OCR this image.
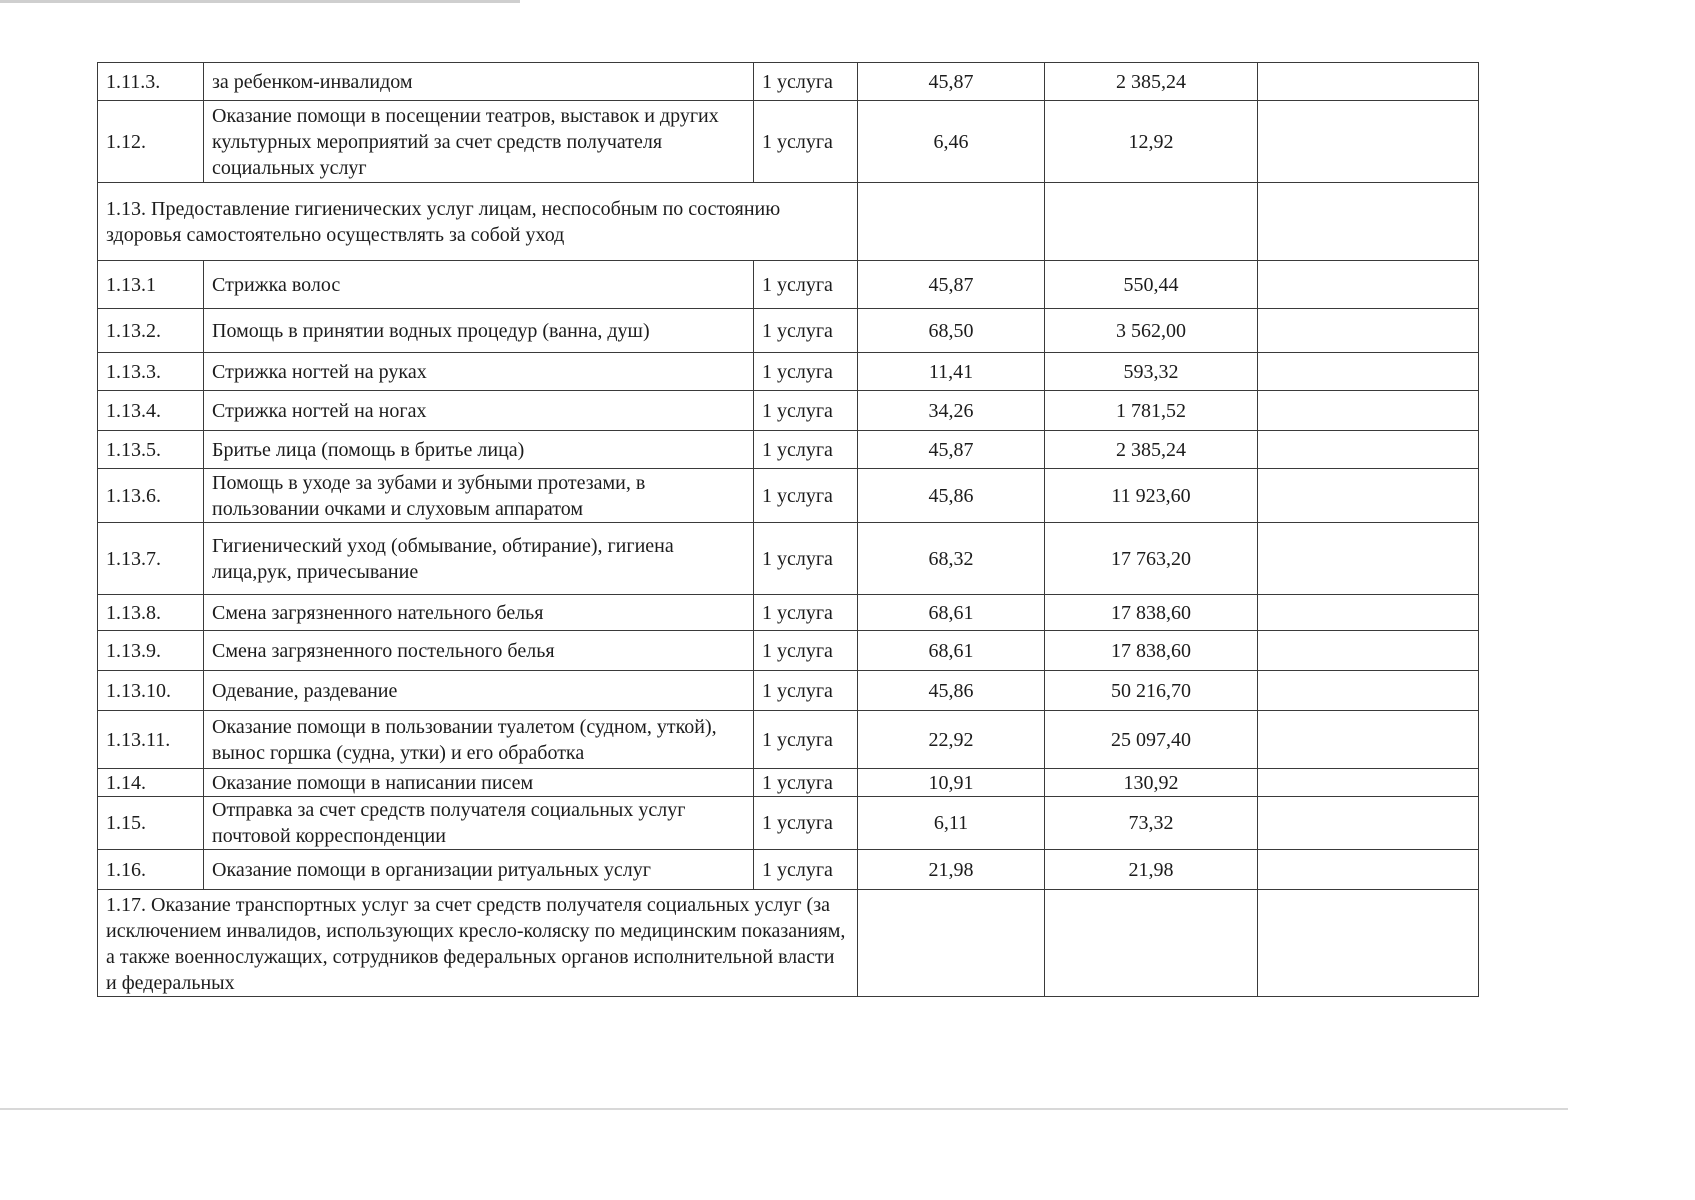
1.11.3.	за ребенком-инвалидом	1 услуга	45,87	2 385,24	
1.12.	Оказание помощи в посещении театров, выставок и других культурных мероприятий за счет средств получателя социальных услуг	1 услуга	6,46	12,92	
1.13. Предоставление гигиенических услуг лицам, неспособным по состоянию здоровья самостоятельно осуществлять за собой уход					
1.13.1	Стрижка волос	1 услуга	45,87	550,44	
1.13.2.	Помощь в принятии водных процедур (ванна, душ)	1 услуга	68,50	3 562,00	
1.13.3.	Стрижка ногтей на руках	1 услуга	11,41	593,32	
1.13.4.	Стрижка ногтей на ногах	1 услуга	34,26	1 781,52	
1.13.5.	Бритье лица (помощь в бритье лица)	1 услуга	45,87	2 385,24	
1.13.6.	Помощь в уходе за зубами и зубными протезами, в пользовании очками и слуховым аппаратом	1 услуга	45,86	11 923,60	
1.13.7.	Гигиенический уход (обмывание, обтирание), гигиена лица,рук, причесывание	1 услуга	68,32	17 763,20	
1.13.8.	Смена загрязненного нательного белья	1 услуга	68,61	17 838,60	
1.13.9.	Смена загрязненного постельного белья	1 услуга	68,61	17 838,60	
1.13.10.	Одевание, раздевание	1 услуга	45,86	50 216,70	
1.13.11.	Оказание помощи в пользовании туалетом (судном, уткой), вынос горшка (судна, утки) и его обработка	1 услуга	22,92	25 097,40	
1.14.	Оказание помощи в написании писем	1 услуга	10,91	130,92	
1.15.	Отправка за счет средств получателя социальных услуг почтовой корреспонденции	1 услуга	6,11	73,32	
1.16.	Оказание помощи в организации ритуальных услуг	1 услуга	21,98	21,98	
1.17. Оказание транспортных услуг за счет средств получателя социальных услуг (за исключением инвалидов, использующих кресло-коляску по медицинским показаниям, а также военнослужащих, сотрудников федеральных органов исполнительной власти и федеральных					
